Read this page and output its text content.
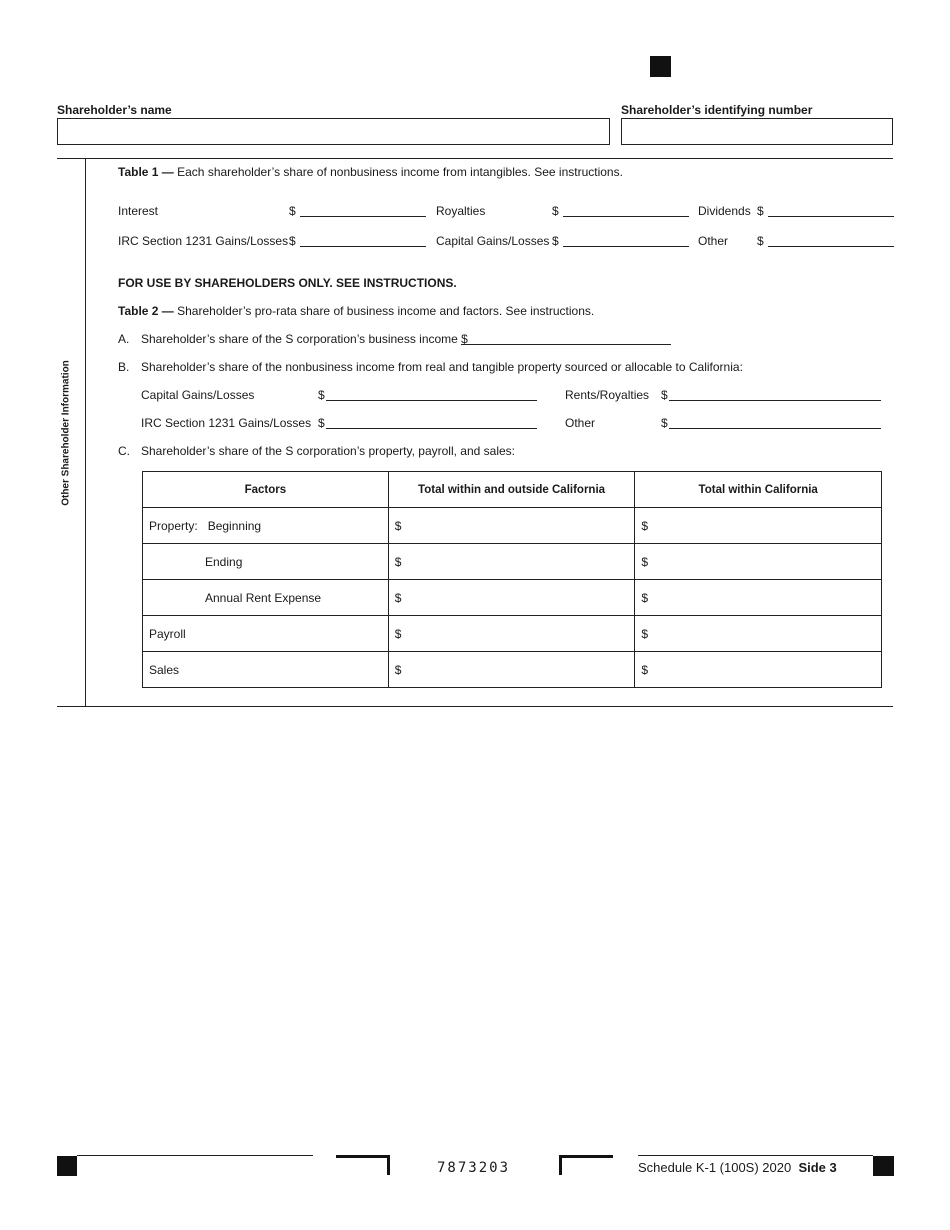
Shareholder’s name	Shareholder’s identifying number
Other Shareholder Information
Table 1 — Each shareholder’s share of nonbusiness income from intangibles. See instructions.
Interest	$	Royalties	$	Dividends $
IRC Section 1231 Gains/Losses $	Capital Gains/Losses $	Other $
FOR USE BY SHAREHOLDERS ONLY. SEE INSTRUCTIONS.
Table 2 — Shareholder’s pro-rata share of business income and factors. See instructions.
A. Shareholder’s share of the S corporation’s business income $
B. Shareholder’s share of the nonbusiness income from real and tangible property sourced or allocable to California:
Capital Gains/Losses	$	Rents/Royalties $
IRC Section 1231 Gains/Losses $	Other	$
C. Shareholder’s share of the S corporation’s property, payroll, and sales:
Factors	Total within and outside California	Total within California
Property: Beginning	$	$
Ending	$	$
Annual Rent Expense	$	$
Payroll	$	$
Sales	$	$
7873203	Schedule K-1 (100S) 2020 Side 3
